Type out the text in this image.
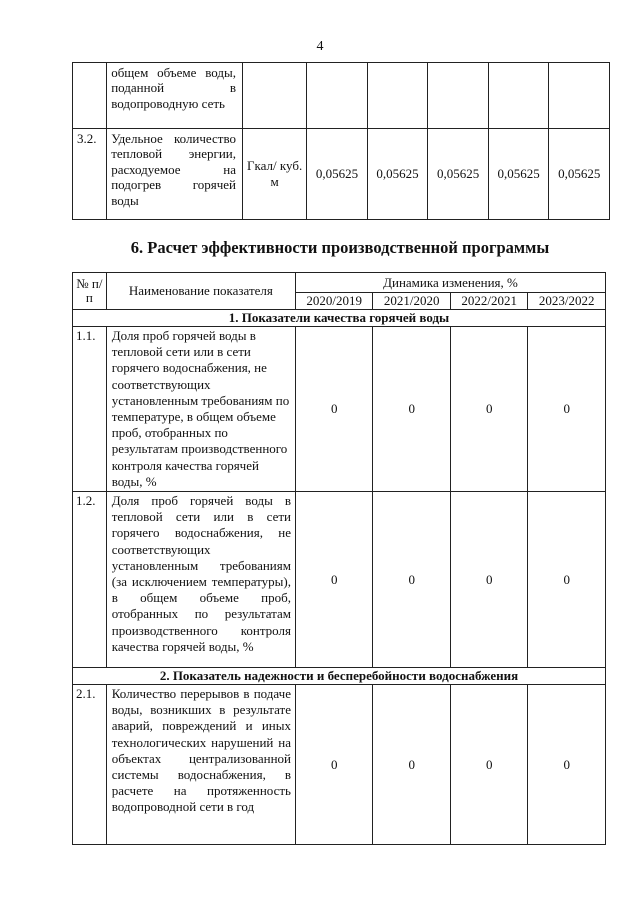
4
	общем объеме воды, поданной в водопроводную сеть						
3.2.	Удельное количество тепловой энергии, расходуемое на подогрев горячей воды	Гкал/ куб. м	0,05625	0,05625	0,05625	0,05625	0,05625
6. Расчет эффективности производственной программы
№ п/п	Наименование показателя	Динамика изменения, %			
		2020/2019	2021/2020	2022/2021	2023/2022
1. Показатели качества горячей воды					
1.1.	Доля проб горячей воды в тепловой сети или в сети горячего водоснабжения, не соответствующих установленным требованиям по температуре, в общем объеме проб, отобранных по результатам производственного контроля качества горячей воды, %	0	0	0	0
1.2.	Доля проб горячей воды в тепловой сети или в сети горячего водоснабжения, не соответствующих установленным требованиям (за исключением температуры), в общем объеме проб, отобранных по результатам производственного контроля качества горячей воды, %	0	0	0	0
2. Показатель надежности и бесперебойности водоснабжения					
2.1.	Количество перерывов в подаче воды, возникших в результате аварий, повреждений и иных технологических нарушений на объектах централизованной системы водоснабжения, в расчете на протяженность водопроводной сети в год	0	0	0	0
